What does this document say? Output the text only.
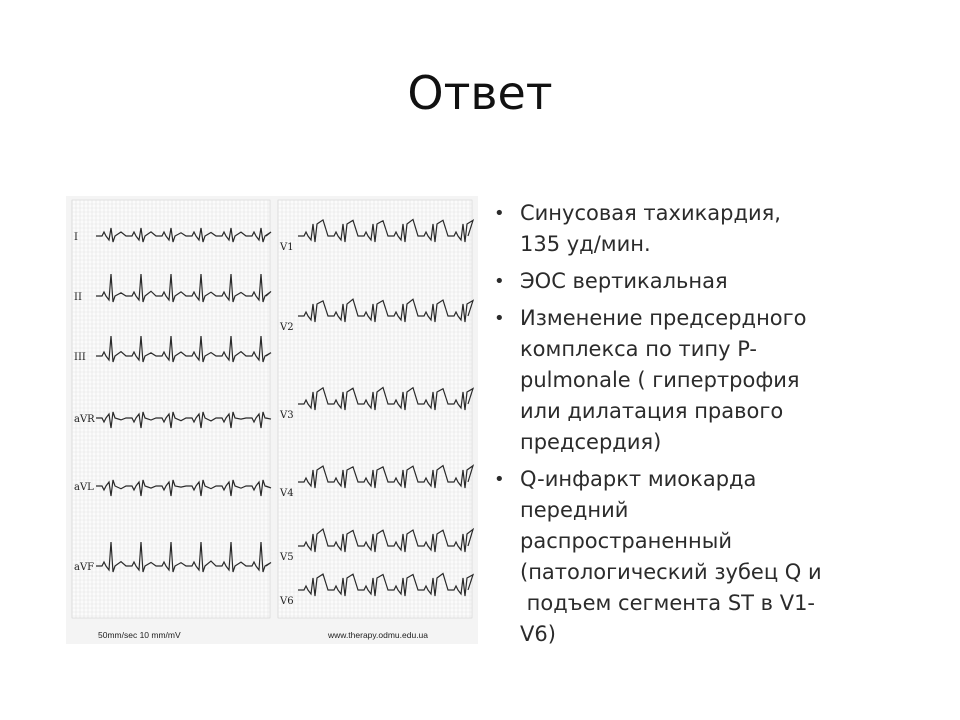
Ответ
I
II
III
aVR
aVL
aVF
V1
V2
V3
V4
V5
V6
50mm/sec 10 mm/mV	www.therapy.odmu.edu.ua
• Синусовая тахикардия,
135 уд/мин.
• ЭОС вертикальная
• Изменение предсердного
комплекса по типу P-
pulmonale ( гипертрофия
или дилатация правого
предсердия)
• Q-инфаркт миокарда
передний
распространенный
(патологический зубец Q и
подъем сегмента ST в V1-
V6)
